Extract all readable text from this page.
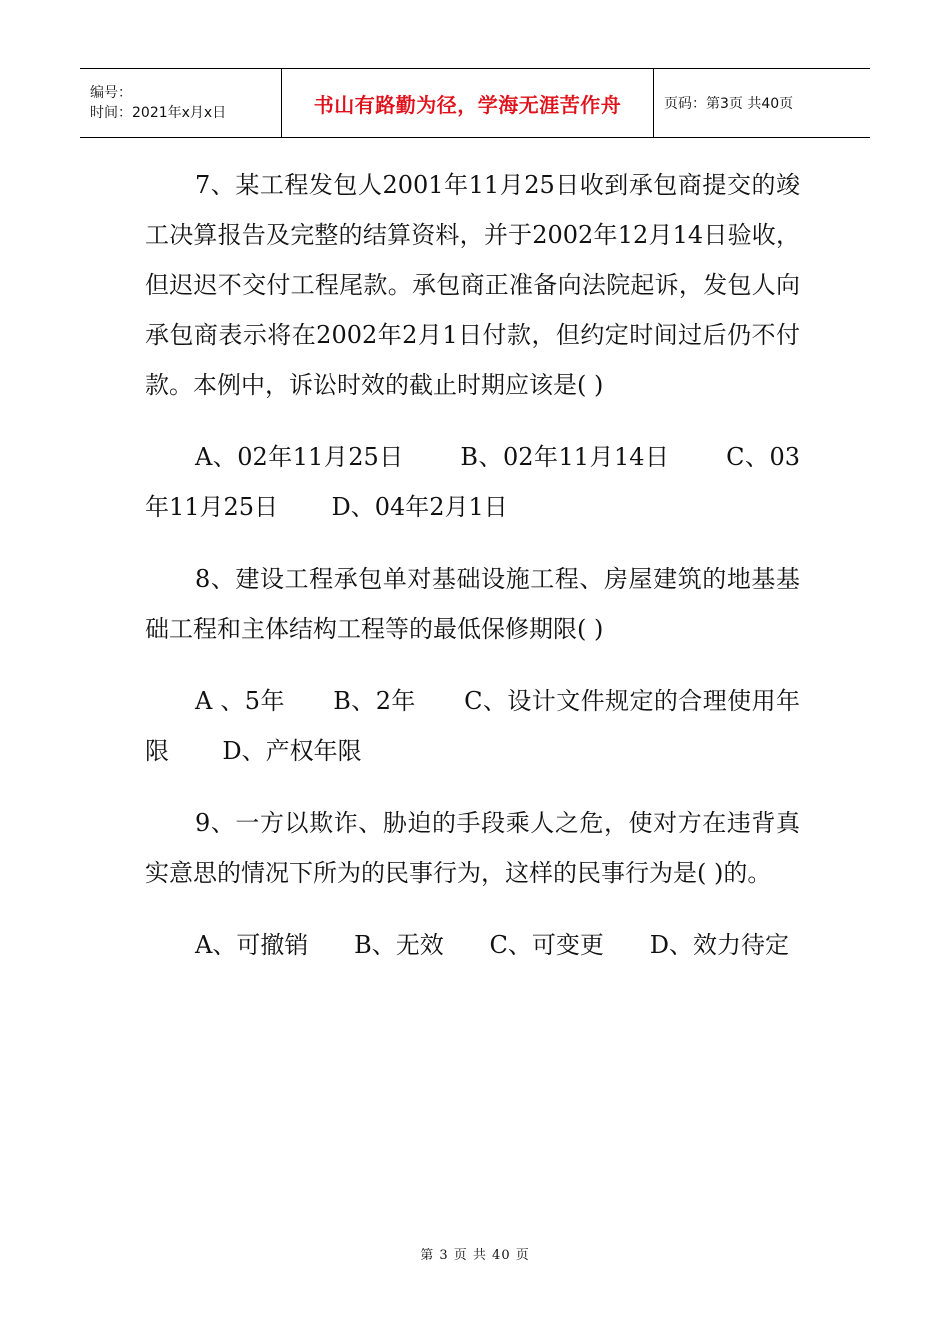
编号：
时间：2021年x月x日	书山有路勤为径，学海无涯苦作舟	页码：第3页 共40页

7、某工程发包人2001年11月25日收到承包商提交的竣工决算报告及完整的结算资料，并于2002年12月14日验收，但迟迟不交付工程尾款。承包商正准备向法院起诉，发包人向承包商表示将在2002年2月1日付款，但约定时间过后仍不付款。本例中，诉讼时效的截止时期应该是( )

A、02年11月25日 B、02年11月14日 C、03年11月25日 D、04年2月1日

8、建设工程承包单对基础设施工程、房屋建筑的地基基础工程和主体结构工程等的最低保修期限( )

A 、5年 B、2年 C、设计文件规定的合理使用年限 D、产权年限

9、一方以欺诈、胁迫的手段乘人之危，使对方在违背真实意思的情况下所为的民事行为，这样的民事行为是( )的。

A、可撤销 B、无效 C、可变更 D、效力待定

第 3 页 共 40 页
